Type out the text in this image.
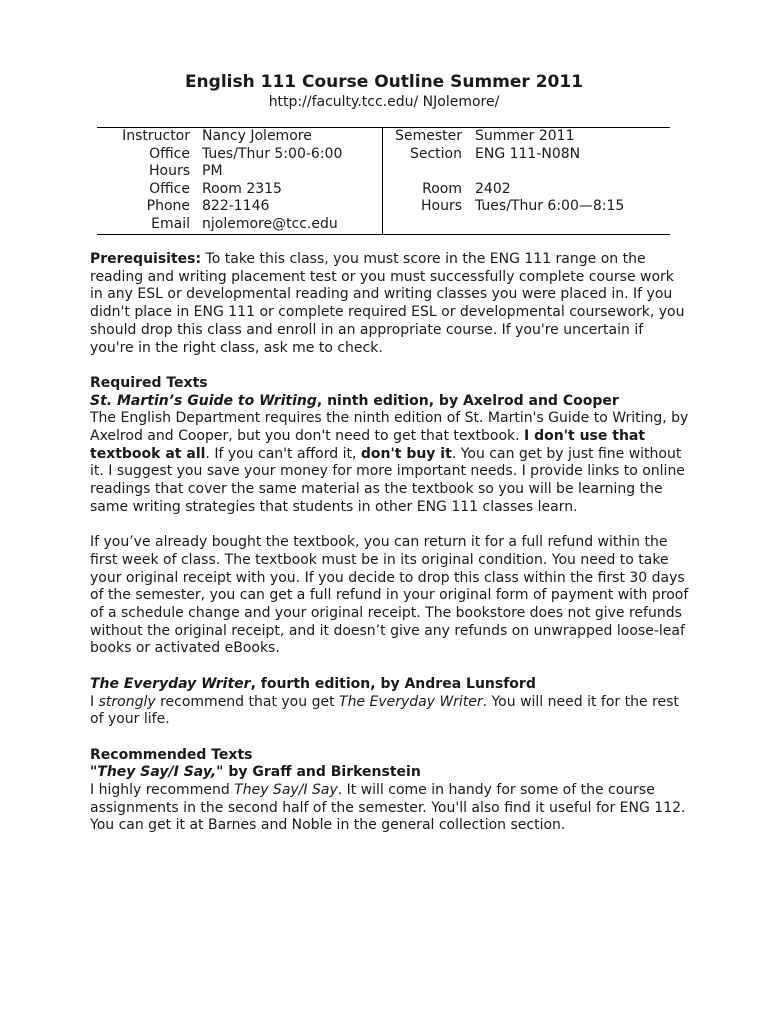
English 111 Course Outline Summer 2011
http://faculty.tcc.edu/ NJolemore/
Instructor Nancy Jolemore	Semester Summer 2011
Office Tues/Thur 5:00-6:00	Section ENG 111-N08N
Hours PM
Office Room 2315	Room 2402
Phone 822-1146	Hours Tues/Thur 6:00—8:15
Email njolemore@tcc.edu

Prerequisites: To take this class, you must score in the ENG 111 range on the reading and writing placement test or you must successfully complete course work in any ESL or developmental reading and writing classes you were placed in. If you didn't place in ENG 111 or complete required ESL or developmental coursework, you should drop this class and enroll in an appropriate course. If you're uncertain if you're in the right class, ask me to check.

Required Texts

St. Martin’s Guide to Writing, ninth edition, by Axelrod and Cooper

The English Department requires the ninth edition of St. Martin's Guide to Writing, by Axelrod and Cooper, but you don't need to get that textbook. I don't use that textbook at all. If you can't afford it, don't buy it. You can get by just fine without it. I suggest you save your money for more important needs. I provide links to online readings that cover the same material as the textbook so you will be learning the same writing strategies that students in other ENG 111 classes learn.

If you’ve already bought the textbook, you can return it for a full refund within the first week of class. The textbook must be in its original condition. You need to take your original receipt with you. If you decide to drop this class within the first 30 days of the semester, you can get a full refund in your original form of payment with proof of a schedule change and your original receipt. The bookstore does not give refunds without the original receipt, and it doesn’t give any refunds on unwrapped loose-leaf books or activated eBooks.

The Everyday Writer, fourth edition, by Andrea Lunsford

I strongly recommend that you get The Everyday Writer. You will need it for the rest of your life.

Recommended Texts

"They Say/I Say," by Graff and Birkenstein

I highly recommend They Say/I Say. It will come in handy for some of the course assignments in the second half of the semester. You'll also find it useful for ENG 112. You can get it at Barnes and Noble in the general collection section.
